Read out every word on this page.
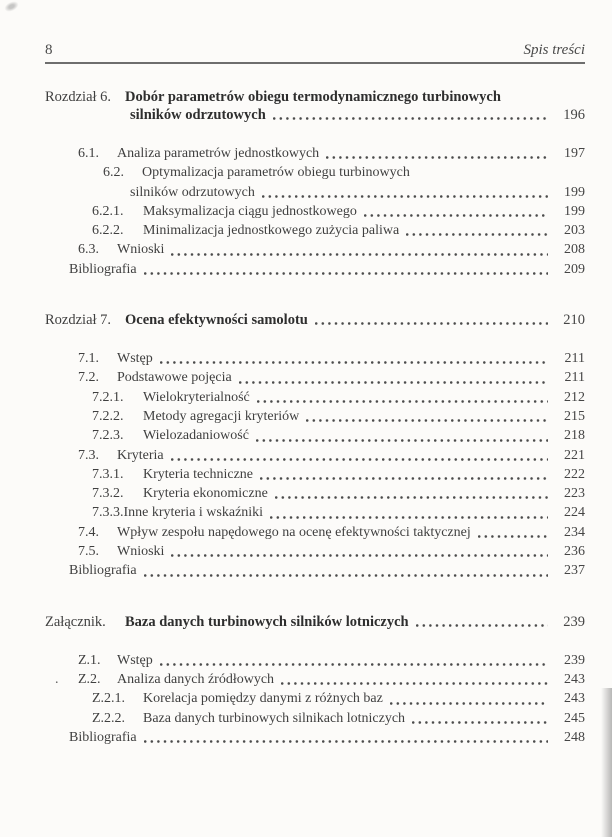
8	Spis treści
Rozdział 6. Dobór parametrów obiegu termodynamicznego turbinowych
silników odrzutowych	196
6.1.	Analiza parametrów jednostkowych	197
6.2.	Optymalizacja parametrów obiegu turbinowych
silników odrzutowych	199
6.2.1.	Maksymalizacja ciągu jednostkowego	199
6.2.2.	Minimalizacja jednostkowego zużycia paliwa	203
6.3.	Wnioski	208
Bibliografia	209
Rozdział 7. Ocena efektywności samolotu	210
7.1.	Wstęp	211
7.2.	Podstawowe pojęcia	211
7.2.1.	Wielokryterialność	212
7.2.2.	Metody agregacji kryteriów	215
7.2.3.	Wielozadaniowość	218
7.3.	Kryteria	221
7.3.1.	Kryteria techniczne	222
7.3.2.	Kryteria ekonomiczne	223
7.3.3. Inne kryteria i wskaźniki	224
7.4.	Wpływ zespołu napędowego na ocenę efektywności taktycznej	234
7.5.	Wnioski	236
Bibliografia	237
Załącznik.	Baza danych turbinowych silników lotniczych	239
Z.1.	Wstęp	239
. Z.2.	Analiza danych źródłowych	243
Z.2.1.	Korelacja pomiędzy danymi z różnych baz	243
Z.2.2.	Baza danych turbinowych silnikach lotniczych	245
Bibliografia	248
